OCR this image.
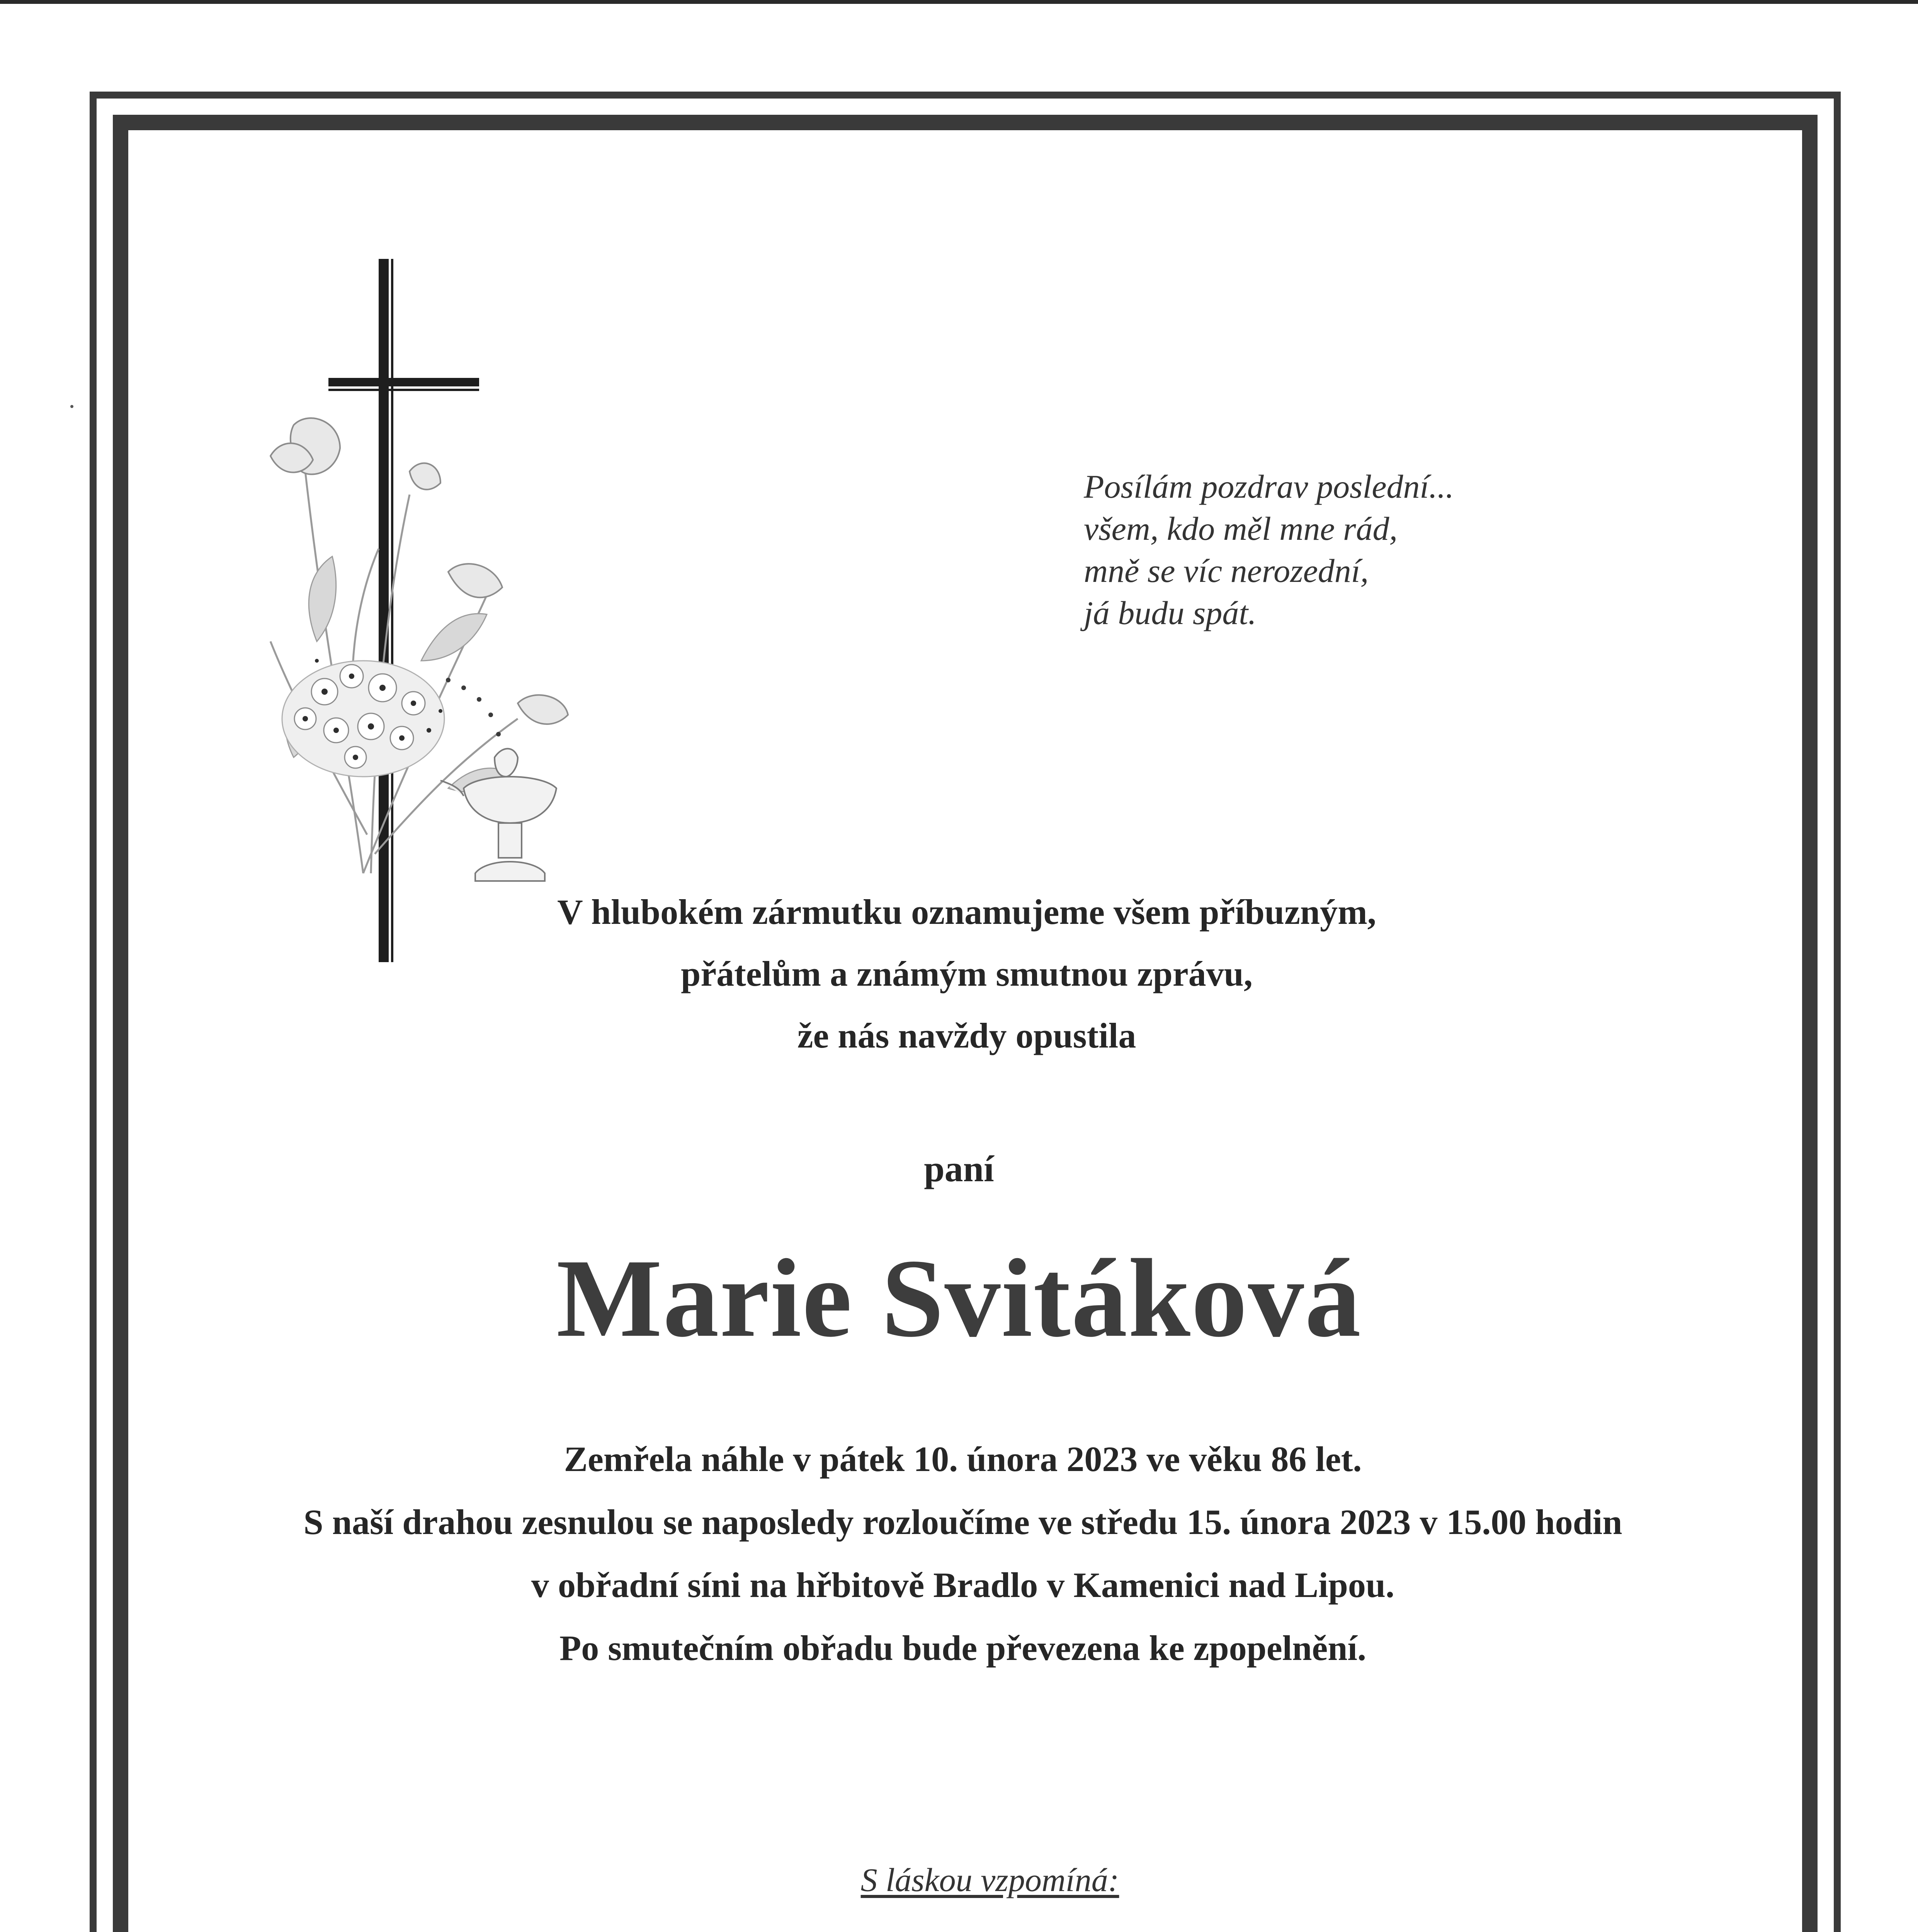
Posílám pozdrav poslední...
všem, kdo měl mne rád,
mně se víc nerozední,
já budu spát.
V hlubokém zármutku oznamujeme všem příbuzným,
přátelům a známým smutnou zprávu,
že nás navždy opustila
paní
Marie Svitáková
Zemřela náhle v pátek 10. února 2023 ve věku 86 let.
S naší drahou zesnulou se naposledy rozloučíme ve středu 15. února 2023 v 15.00 hodin
v obřadní síni na hřbitově Bradlo v Kamenici nad Lipou.
Po smutečním obřadu bude převezena ke zpopelnění.
S láskou vzpomíná:
